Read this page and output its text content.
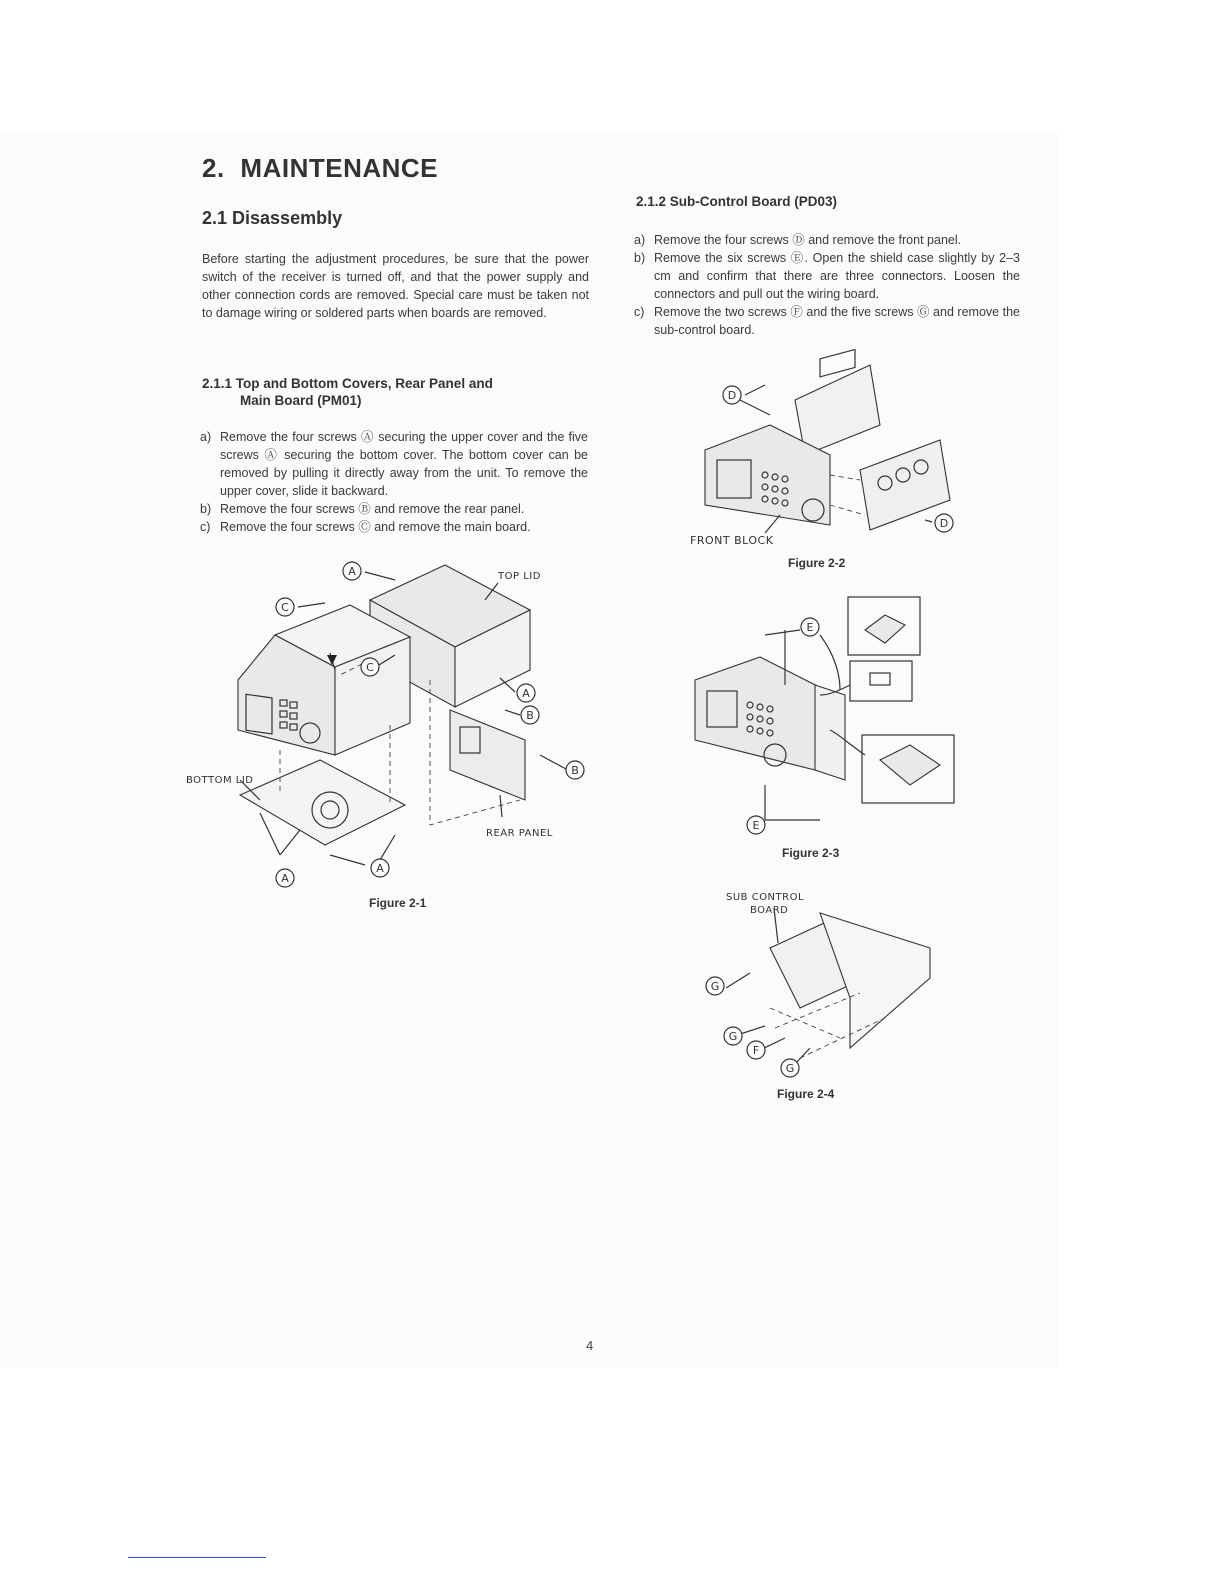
2. MAINTENANCE
2.1 Disassembly
Before starting the adjustment procedures, be sure that the power switch of the receiver is turned off, and that the power supply and other connection cords are removed. Special care must be taken not to damage wiring or soldered parts when boards are removed.
2.1.1 Top and Bottom Covers, Rear Panel and
Main Board (PM01)
a) Remove the four screws Ⓐ securing the upper cover and the five screws Ⓐ securing the bottom cover. The bottom cover can be removed by pulling it directly away from the unit. To remove the upper cover, slide it backward.
b) Remove the four screws Ⓑ and remove the rear panel.
c) Remove the four screws Ⓒ and remove the main board.
A
C
C
A
B
B
A
A
TOP LID
BOTTOM LID
REAR PANEL
Figure 2-1
2.1.2 Sub-Control Board (PD03)
a) Remove the four screws Ⓓ and remove the front panel.
b) Remove the six screws Ⓔ. Open the shield case slightly by 2–3 cm and confirm that there are three connectors. Loosen the connectors and pull out the wiring board.
c) Remove the two screws Ⓕ and the five screws Ⓖ and remove the sub-control board.
D
D
FRONT BLOCK
Figure 2-2
E
E
Figure 2-3
G
G
F
G
SUB CONTROL
BOARD
Figure 2-4
4
